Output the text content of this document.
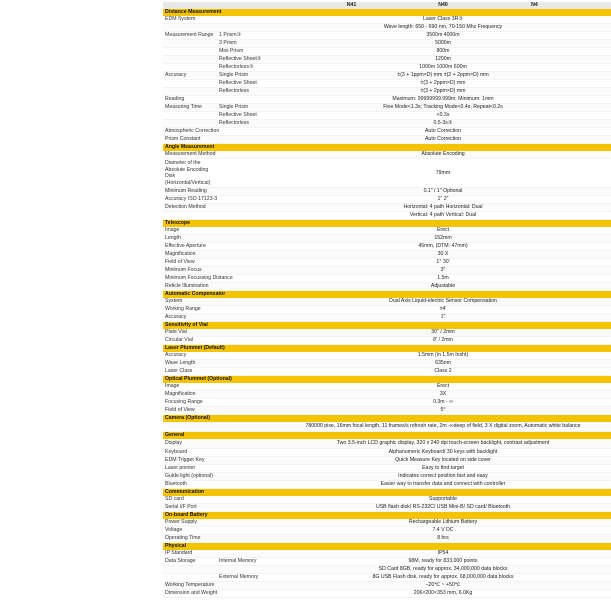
		N41 N40 N4
Distance Measurement		
EDM System		Laser Class 3R③
		Wave length: 650 - 690 nm, 70-150 Mhz Frequency
Measurement Range	1 Prism③	3500m 4000m
	3 Prism	5000m
	Mini Prism	800m
	Reflective Sheet③	1200m
	Reflectorless③	1000m 1000m 600m
Accuracy	Single Prism	±(3 + 1ppm×D) mm ±(2 + 2ppm×D) mm
	Reflective Sheet	±(3 + 2ppm×D) mm
	Reflectorless	±(3 + 2ppm×D) mm
Reading		Maximum: 99999999.999m; Minimum: 1mm
Measuring Time	Single Prism	Fine Mode<1.3s; Tracking Mode<0.4s; Repeat<0.2s
	Reflective Sheet	<0.3s
	Reflectorless	0.5-3s③
Atmospheric Correction		Auto Correction
Prism Constant		Auto Correction
Angle Measurement		
Measurement Method		Absolute Encoding
Diameter of the Absolute Encoding Disk (Horizontal/Vertical)		79mm
Minimum Reading		0.1″ / 1″ Optional
Accuracy ISO 17123-3		1″ 2″
Detection Method		Horizontal: 4 path Horizontal: Dual
		Vertical: 4 path Vertical: Dual
Telescope		
Image		Erect
Length		152mm
Effective Aperture		45mm, (DTM: 47mm)
Magnification		30 X
Field of View		1° 30′
Minimum Focus		3″
Minimum Focussing Distance		1.5m
Reticle Illumination		Adjustable
Automatic Compensator		
System		Dual Axis Liquid-electric Sensor Compensation
Working Range		±4′
Accuracy		1″
Sensitivity of Vial		
Plate Vial		30″ / 2mm
Circular Vial		8′ / 2mm
Laser Plummet (Default)		
Accuracy		1.5mm (in 1.5m Insht)
Wave Length		635nm
Laser Class		Class 2
Optical Plummet (Optional)		
Image		Erect
Magnification		3X
Focusing Range		0.3m - ∞
Field of View		5°
Camera (Optional)		
		780000 pixe, 16mm focal length, 11 frames/s refresh rate, 2m -∞deep of field, 3 X digital zoom, Automatic white balance
General		
Display		Two 3.5-inch LCD graphic display, 320 x 240 dpi touch-screen backlight, contrast adjustment
Keyboard		Alphanumeric Keyboard/ 30 keys with backlight
EDM Trigger Key		Quick Measure Key located on side cover
Laser pointer		Easy to find target
Guide light (optional)		Indicates correct position fast and easy
Bluetooth		Easier way to transfer data and connect with controller
Communication		
SD card		Supportable
Serial I/F Port		USB flash disk/ RS-232C/ USB Mini-B/ SD card/ Bluetooth
On-board Battery		
Power Supply		Rechargeable Lithium Battery
Voltage		7.4 V DC
Operating Time		8 hrs
Physical		
IP Standard		IP54
Data Storage	Internal Memory	98M, ready for 833,000 points
		SD Card 8GB, ready for approx. 34,000,000 data blocks
	External Memory	8G USB Flash disk, ready for approx. 68,000,000 data blocks
Working Temperature		−20℃ ~ +50℃
Dimension and Weight		206×200×353 mm, 6.0Kg
